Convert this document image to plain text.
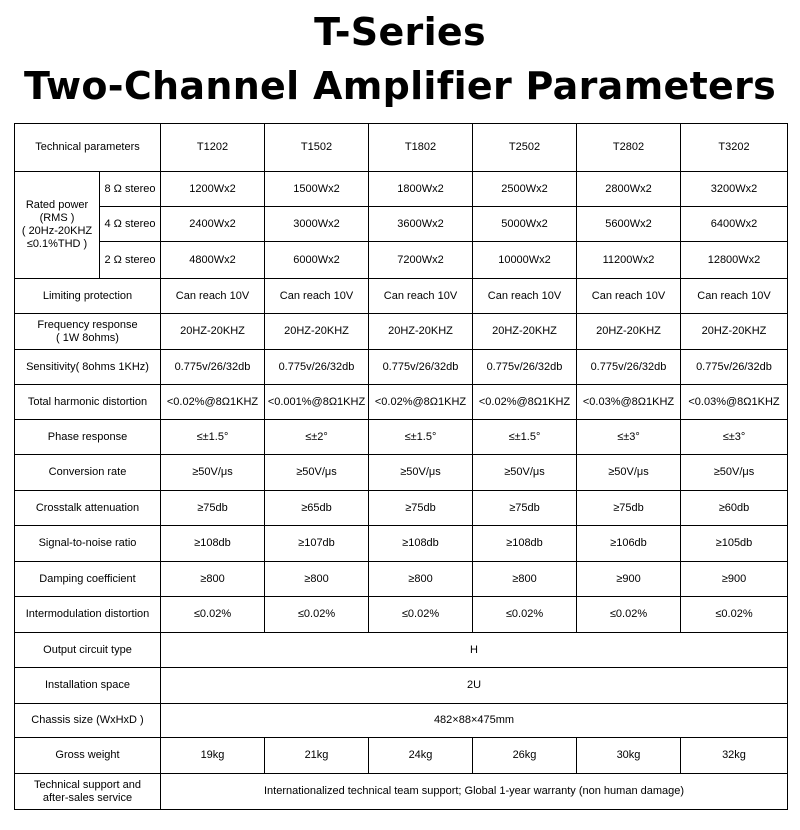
T-Series
Two-Channel Amplifier Parameters
Technical parameters		T1202	T1502	T1802	T2502	T2802	T3202

Rated power
(RMS )
( 20Hz-20KHZ
≤0.1%THD )	8 Ω stereo	1200Wx2	1500Wx2	1800Wx2	2500Wx2	2800Wx2	3200Wx2
	4 Ω stereo	2400Wx2	3000Wx2	3600Wx2	5000Wx2	5600Wx2	6400Wx2
	2 Ω stereo	4800Wx2	6000Wx2	7200Wx2	10000Wx2	11200Wx2	12800Wx2
Limiting protection		Can reach 10V	Can reach 10V	Can reach 10V	Can reach 10V	Can reach 10V	Can reach 10V

Frequency response
( 1W 8ohms)		20HZ-20KHZ	20HZ-20KHZ	20HZ-20KHZ	20HZ-20KHZ	20HZ-20KHZ	20HZ-20KHZ
Sensitivity( 8ohms 1KHz)		0.775v/26/32db	0.775v/26/32db	0.775v/26/32db	0.775v/26/32db	0.775v/26/32db	0.775v/26/32db
Total harmonic distortion		<0.02%@8Ω1KHZ	<0.001%@8Ω1KHZ	<0.02%@8Ω1KHZ	<0.02%@8Ω1KHZ	<0.03%@8Ω1KHZ	<0.03%@8Ω1KHZ
Phase response		≤±1.5°	≤±2°	≤±1.5°	≤±1.5°	≤±3°	≤±3°
Conversion rate		≥50V/μs	≥50V/μs	≥50V/μs	≥50V/μs	≥50V/μs	≥50V/μs
Crosstalk attenuation		≥75db	≥65db	≥75db	≥75db	≥75db	≥60db
Signal-to-noise ratio		≥108db	≥107db	≥108db	≥108db	≥106db	≥105db
Damping coefficient		≥800	≥800	≥800	≥800	≥900	≥900
Intermodulation distortion		≤0.02%	≤0.02%	≤0.02%	≤0.02%	≤0.02%	≤0.02%
Output circuit type		H					
Installation space		2U					
Chassis size (WxHxD )		482×88×475mm					
Gross weight		19kg	21kg	24kg	26kg	30kg	32kg

Technical support and
after-sales service		Internationalized technical team support; Global 1-year warranty (non human damage)					
